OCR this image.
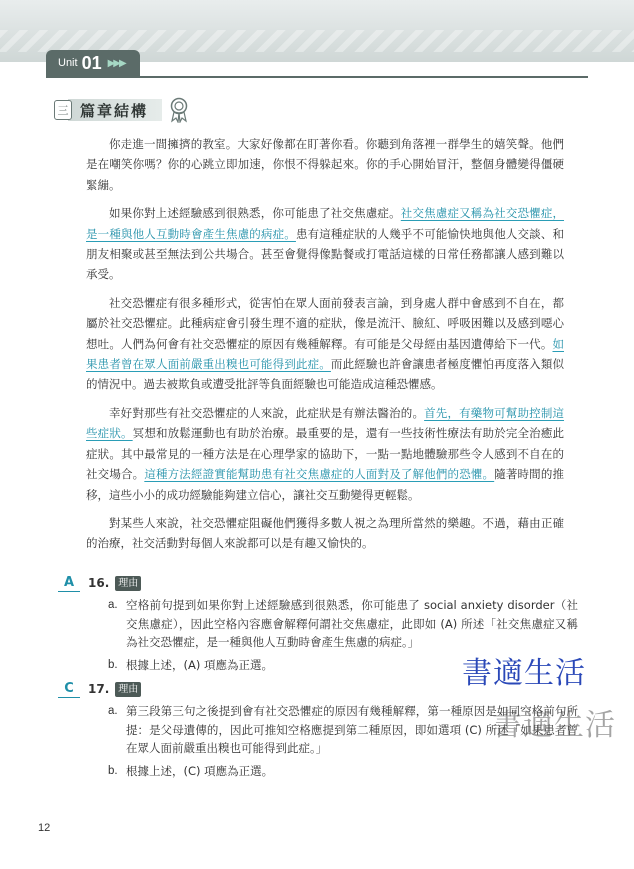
Unit 01 ▶▶▶
三 篇章結構

你走進一間擁擠的教室。大家好像都在盯著你看。你聽到角落裡一群學生的嬉笑聲。他們是在嘲笑你嗎？你的心跳立即加速，你恨不得躲起來。你的手心開始冒汗，整個身體變得僵硬緊繃。

如果你對上述經驗感到很熟悉，你可能患了社交焦慮症。社交焦慮症又稱為社交恐懼症，是一種與他人互動時會產生焦慮的病症。患有這種症狀的人幾乎不可能愉快地與他人交談、和朋友相聚或甚至無法到公共場合。甚至會覺得像點餐或打電話這樣的日常任務都讓人感到難以承受。

社交恐懼症有很多種形式，從害怕在眾人面前發表言論，到身處人群中會感到不自在，都屬於社交恐懼症。此種病症會引發生理不適的症狀，像是流汗、臉紅、呼吸困難以及感到噁心想吐。人們為何會有社交恐懼症的原因有幾種解釋。有可能是父母經由基因遺傳給下一代。如果患者曾在眾人面前嚴重出糗也可能得到此症。而此經驗也許會讓患者極度懼怕再度落入類似的情況中。過去被欺負或遭受批評等負面經驗也可能造成這種恐懼感。

幸好對那些有社交恐懼症的人來說，此症狀是有辦法醫治的。首先，有藥物可幫助控制這些症狀。冥想和放鬆運動也有助於治療。最重要的是，還有一些技術性療法有助於完全治癒此症狀。其中最常見的一種方法是在心理學家的協助下，一點一點地體驗那些令人感到不自在的社交場合。這種方法經證實能幫助患有社交焦慮症的人面對及了解他們的恐懼。隨著時間的推移，這些小小的成功經驗能夠建立信心，讓社交互動變得更輕鬆。

對某些人來說，社交恐懼症阻礙他們獲得多數人視之為理所當然的樂趣。不過，藉由正確的治療，社交活動對每個人來說都可以是有趣又愉快的。

A	16. 理由
a. 空格前句提到如果你對上述經驗感到很熟悉，你可能患了 social anxiety disorder（社交焦慮症），因此空格內容應會解釋何謂社交焦慮症，此即如 (A) 所述「社交焦慮症又稱為社交恐懼症，是一種與他人互動時會產生焦慮的病症。」
b. 根據上述，(A) 項應為正選。
C	17. 理由
a. 第三段第三句之後提到會有社交恐懼症的原因有幾種解釋，第一種原因是如同空格前句所提：是父母遺傳的，因此可推知空格應提到第二種原因，即如選項 (C) 所述「如果患者曾在眾人面前嚴重出糗也可能得到此症。」
b. 根據上述，(C) 項應為正選。
書適生活
書適生活
12
